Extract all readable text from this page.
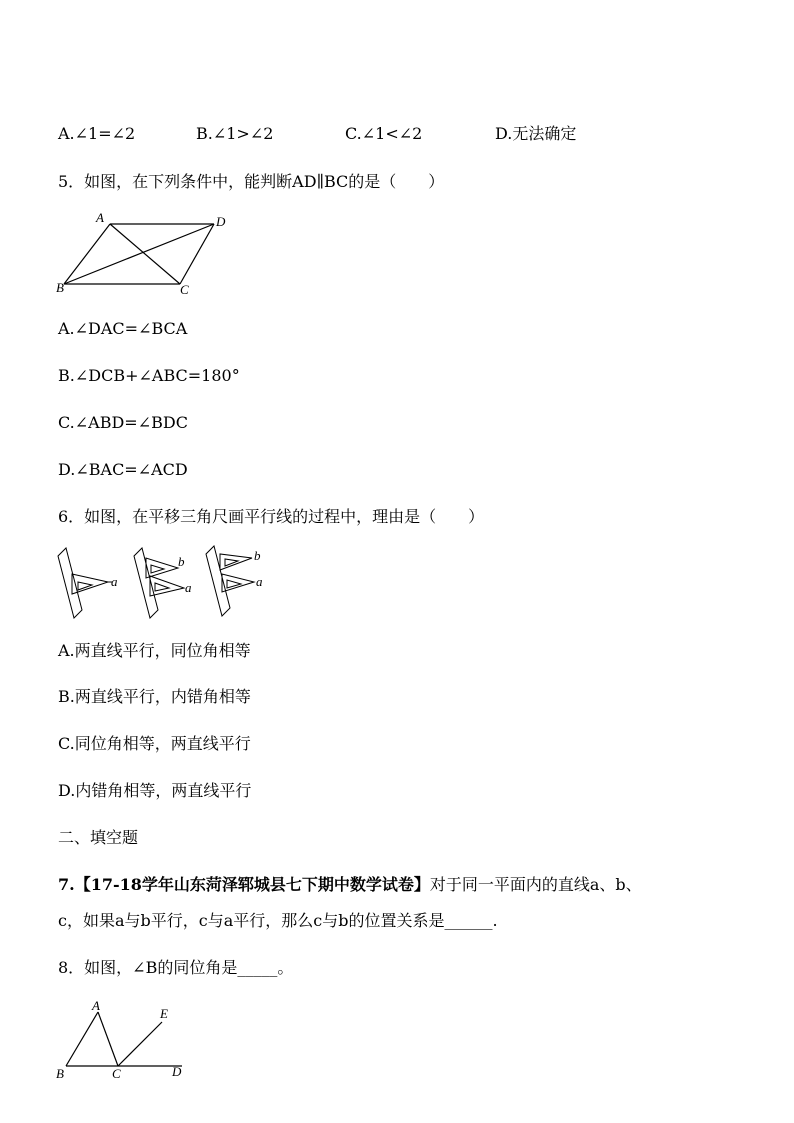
A.∠1=∠2	B.∠1>∠2	C.∠1<∠2	D.无法确定
5．如图，在下列条件中，能判断AD∥BC的是（　　）
A	D
B	C
A.∠DAC=∠BCA
B.∠DCB+∠ABC=180°
C.∠ABD=∠BDC
D.∠BAC=∠ACD
6．如图，在平移三角尺画平行线的过程中，理由是（　　）
a
b
a
b
a
A.两直线平行，同位角相等
B.两直线平行，内错角相等
C.同位角相等，两直线平行
D.内错角相等，两直线平行
二、填空题
7.【17-18学年山东菏泽郓城县七下期中数学试卷】对于同一平面内的直线a、b、
c，如果a与b平行，c与a平行，那么c与b的位置关系是______.
8．如图，∠B的同位角是_____。
A
E
B	C	D
